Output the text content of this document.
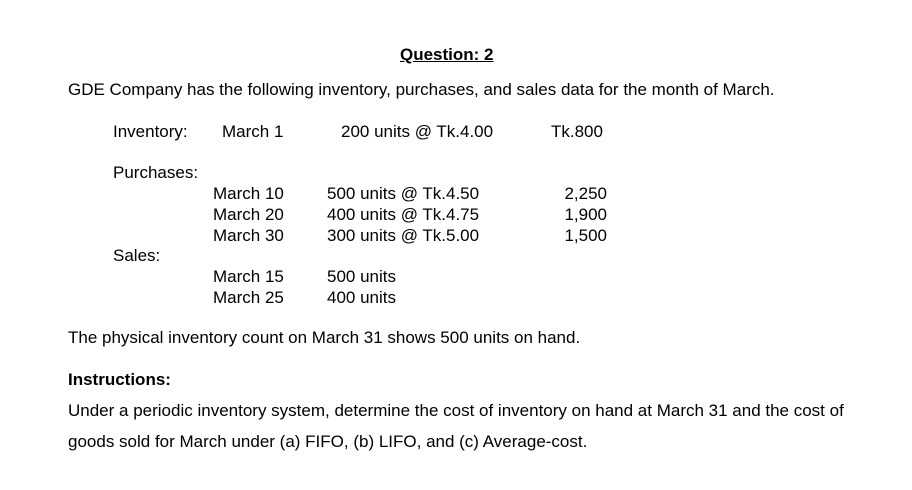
Question: 2
GDE Company has the following inventory, purchases, and sales data for the month of March.
Inventory: March 1	200 units @ Tk.4.00	Tk.800
Purchases:
March 10	500 units @ Tk.4.50	2,250
March 20	400 units @ Tk.4.75	1,900
March 30	300 units @ Tk.5.00	1,500
Sales:
March 15	500 units
March 25	400 units
The physical inventory count on March 31 shows 500 units on hand.
Instructions:
Under a periodic inventory system, determine the cost of inventory on hand at March 31 and the cost of goods sold for March under (a) FIFO, (b) LIFO, and (c) Average-cost.
